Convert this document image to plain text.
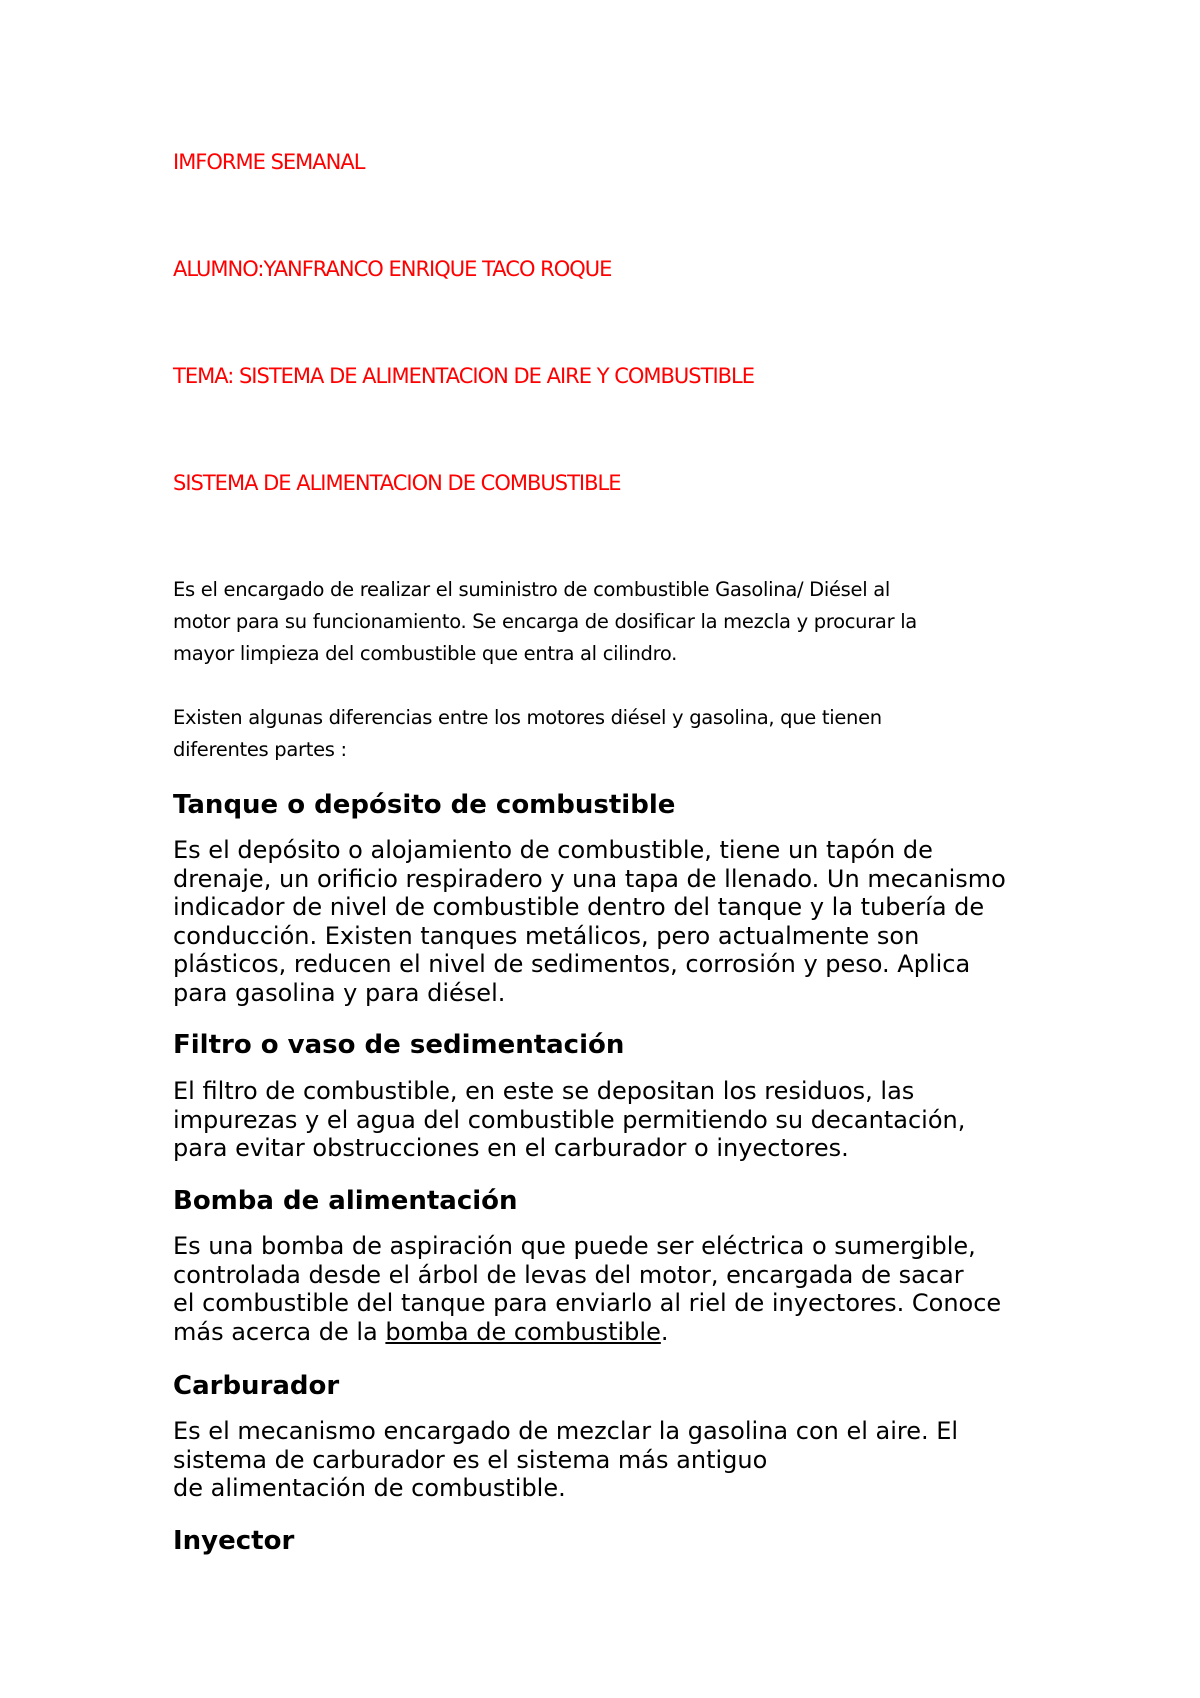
IMFORME SEMANAL

ALUMNO:YANFRANCO ENRIQUE TACO ROQUE

TEMA: SISTEMA DE ALIMENTACION DE AIRE Y COMBUSTIBLE

SISTEMA DE ALIMENTACION DE COMBUSTIBLE

Es el encargado de realizar el suministro de combustible Gasolina/ Diésel al
motor para su funcionamiento. Se encarga de dosificar la mezcla y procurar la
mayor limpieza del combustible que entra al cilindro.
Existen algunas diferencias entre los motores diésel y gasolina, que tienen
diferentes partes :
Tanque o depósito de combustible
Es el depósito o alojamiento de combustible, tiene un tapón de
drenaje, un orificio respiradero y una tapa de llenado. Un mecanismo
indicador de nivel de combustible dentro del tanque y la tubería de
conducción. Existen tanques metálicos, pero actualmente son
plásticos, reducen el nivel de sedimentos, corrosión y peso. Aplica
para gasolina y para diésel.
Filtro o vaso de sedimentación
El filtro de combustible, en este se depositan los residuos, las
impurezas y el agua del combustible permitiendo su decantación,
para evitar obstrucciones en el carburador o inyectores.
Bomba de alimentación
Es una bomba de aspiración que puede ser eléctrica o sumergible,
controlada desde el árbol de levas del motor, encargada de sacar
el combustible del tanque para enviarlo al riel de inyectores. Conoce
más acerca de la bomba de combustible.
Carburador
Es el mecanismo encargado de mezclar la gasolina con el aire. El
sistema de carburador es el sistema más antiguo
de alimentación de combustible.
Inyector
